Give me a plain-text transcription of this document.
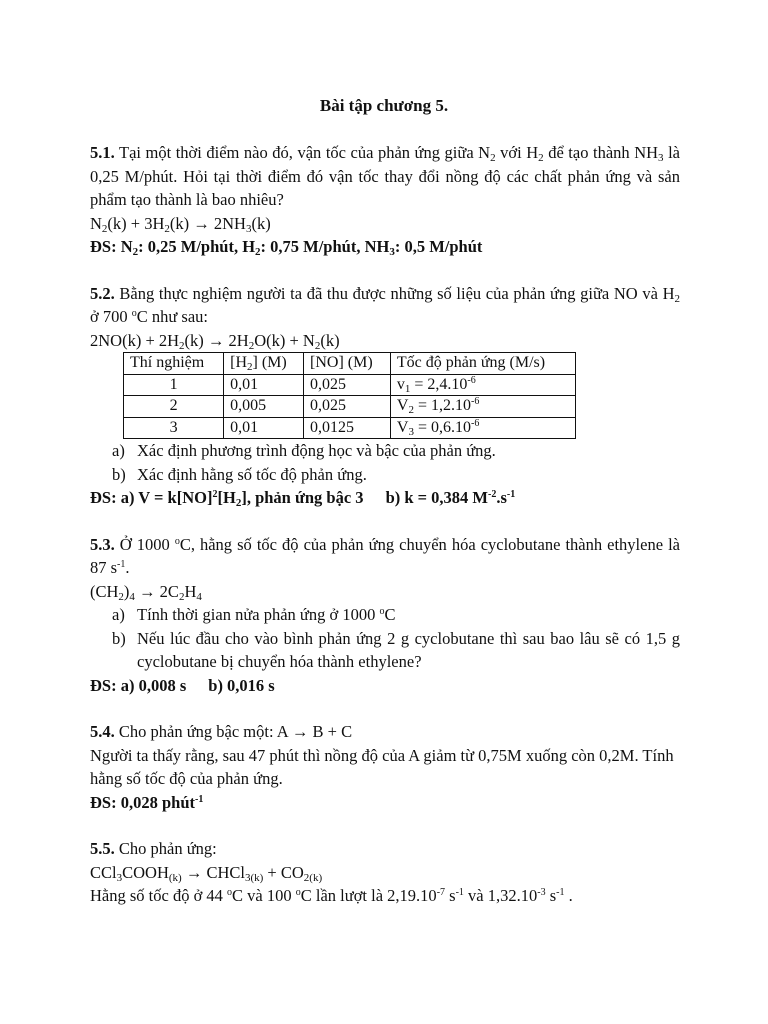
Bài tập chương 5.

5.1. Tại một thời điểm nào đó, vận tốc của phản ứng giữa $N_2$ với $H_2$ để tạo thành $NH_3$ là 0,25 M/phút. Hỏi tại thời điểm đó vận tốc thay đổi nồng độ các chất phản ứng và sản phẩm tạo thành là bao nhiêu?

$N_2(k) + 3H_2(k) \to 2NH_3(k)$

ĐS: $N_2$: 0,25 M/phút, $H_2$: 0,75 M/phút, $NH_3$: 0,5 M/phút

5.2. Bằng thực nghiệm người ta đã thu được những số liệu của phản ứng giữa NO và $H_2$ ở 700 $^o$C như sau:

$2NO(k) + 2H_2(k) \to 2H_2O(k) + N_2(k)$

Thí nghiệm	$[H_2]$ (M)	[NO] (M)	Tốc độ phản ứng (M/s)
1	0,01	0,025	$v_1 = 2,4.10^{-6}$
2	0,005	0,025	$V_2 = 1,2.10^{-6}$
3	0,01	0,0125	$V_3 = 0,6.10^{-6}$
a) Xác định phương trình động học và bậc của phản ứng.
b) Xác định hằng số tốc độ phản ứng.

ĐS: a) $V = k[NO]^2[H_2]$, phản ứng bậc 3 b) k = 0,384 $M^{-2}.s^{-1}$

5.3. Ở 1000 $^o$C, hằng số tốc độ của phản ứng chuyển hóa cyclobutane thành ethylene là 87 $s^{-1}$.

$(CH_2)_4 \to 2C_2H_4$

a) Tính thời gian nửa phản ứng ở 1000 $^o$C
b) Nếu lúc đầu cho vào bình phản ứng 2 g cyclobutane thì sau bao lâu sẽ có 1,5 g cyclobutane bị chuyển hóa thành ethylene?

ĐS: a) 0,008 s b) 0,016 s

5.4. Cho phản ứng bậc một: A → B + C

Người ta thấy rằng, sau 47 phút thì nồng độ của A giảm từ 0,75M xuống còn 0,2M. Tính hằng số tốc độ của phản ứng.

ĐS: 0,028 phút$^{-1}$

5.5. Cho phản ứng:

$CCl_3COOH_{(k)}$ → CHCl$_{3(k)}$ + $CO_{2(k)}$

Hằng số tốc độ ở 44 $^o$C và 100 $^o$C lần lượt là $2,19.10^{-7}$ $s^{-1}$ và $1,32.10^{-3}$ $s^{-1}$ .
